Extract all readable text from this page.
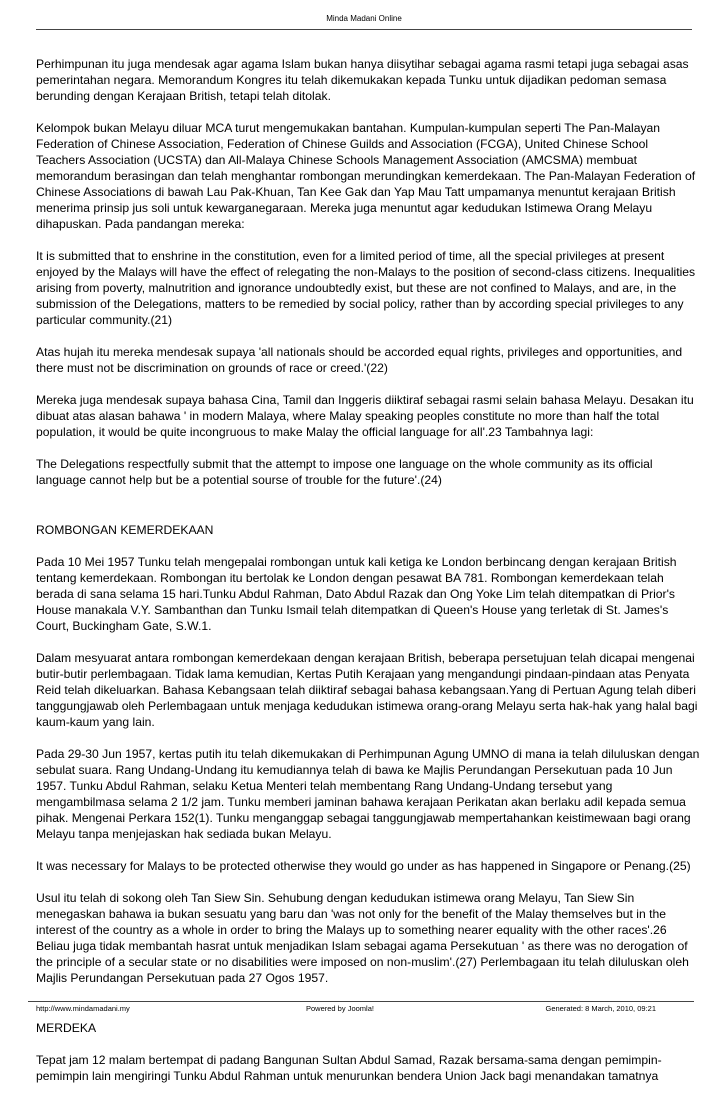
Minda Madani Online

Perhimpunan itu juga mendesak agar agama Islam bukan hanya diisytihar sebagai agama rasmi tetapi juga sebagai asas pemerintahan negara. Memorandum Kongres itu telah dikemukakan kepada Tunku untuk dijadikan pedoman semasa berunding dengan Kerajaan British, tetapi telah ditolak.

Kelompok bukan Melayu diluar MCA turut mengemukakan bantahan. Kumpulan-kumpulan seperti The Pan-Malayan Federation of Chinese Association, Federation of Chinese Guilds and Association (FCGA), United Chinese School Teachers Association (UCSTA) dan All-Malaya Chinese Schools Management Association (AMCSMA) membuat memorandum berasingan dan telah menghantar rombongan merundingkan kemerdekaan. The Pan-Malayan Federation of Chinese Associations di bawah Lau Pak-Khuan, Tan Kee Gak dan Yap Mau Tatt umpamanya menuntut kerajaan British menerima prinsip jus soli untuk kewarganegaraan. Mereka juga menuntut agar kedudukan Istimewa Orang Melayu dihapuskan. Pada pandangan mereka:

It is submitted that to enshrine in the constitution, even for a limited period of time, all the special privileges at present enjoyed by the Malays will have the effect of relegating the non-Malays to the position of second-class citizens. Inequalities arising from poverty, malnutrition and ignorance undoubtedly exist, but these are not confined to Malays, and are, in the submission of the Delegations, matters to be remedied by social policy, rather than by according special privileges to any particular community.(21)

Atas hujah itu mereka mendesak supaya 'all nationals should be accorded equal rights, privileges and opportunities, and there must not be discrimination on grounds of race or creed.'(22)

Mereka juga mendesak supaya bahasa Cina, Tamil dan Inggeris diiktiraf sebagai rasmi selain bahasa Melayu. Desakan itu dibuat atas alasan bahawa ' in modern Malaya, where Malay speaking peoples constitute no more than half the total population, it would be quite incongruous to make Malay the official language for all'.23 Tambahnya lagi:

The Delegations respectfully submit that the attempt to impose one language on the whole community as its official language cannot help but be a potential sourse of trouble for the future'.(24)

ROMBONGAN KEMERDEKAAN

Pada 10 Mei 1957 Tunku telah mengepalai rombongan untuk kali ketiga ke London berbincang dengan kerajaan British tentang kemerdekaan. Rombongan itu bertolak ke London dengan pesawat BA 781. Rombongan kemerdekaan telah berada di sana selama 15 hari.Tunku Abdul Rahman, Dato Abdul Razak dan Ong Yoke Lim telah ditempatkan di Prior's House manakala V.Y. Sambanthan dan Tunku Ismail telah ditempatkan di Queen's House yang terletak di St. James's Court, Buckingham Gate, S.W.1.

Dalam mesyuarat antara rombongan kemerdekaan dengan kerajaan British, beberapa persetujuan telah dicapai mengenai butir-butir perlembagaan. Tidak lama kemudian, Kertas Putih Kerajaan yang mengandungi pindaan-pindaan atas Penyata Reid telah dikeluarkan. Bahasa Kebangsaan telah diiktiraf sebagai bahasa kebangsaan.Yang di Pertuan Agung telah diberi tanggungjawab oleh Perlembagaan untuk menjaga kedudukan istimewa orang-orang Melayu serta hak-hak yang halal bagi kaum-kaum yang lain.

Pada 29-30 Jun 1957, kertas putih itu telah dikemukakan di Perhimpunan Agung UMNO di mana ia telah diluluskan dengan sebulat suara. Rang Undang-Undang itu kemudiannya telah di bawa ke Majlis Perundangan Persekutuan pada 10 Jun 1957. Tunku Abdul Rahman, selaku Ketua Menteri telah membentang Rang Undang-Undang tersebut yang mengambilmasa selama 2 1/2 jam. Tunku memberi jaminan bahawa kerajaan Perikatan akan berlaku adil kepada semua pihak. Mengenai Perkara 152(1). Tunku menganggap sebagai tanggungjawab mempertahankan keistimewaan bagi orang Melayu tanpa menjejaskan hak sediada bukan Melayu.

It was necessary for Malays to be protected otherwise they would go under as has happened in Singapore or Penang.(25)

Usul itu telah di sokong oleh Tan Siew Sin. Sehubung dengan kedudukan istimewa orang Melayu, Tan Siew Sin menegaskan bahawa ia bukan sesuatu yang baru dan 'was not only for the benefit of the Malay themselves but in the interest of the country as a whole in order to bring the Malays up to something nearer equality with the other races'.26 Beliau juga tidak membantah hasrat untuk menjadikan Islam sebagai agama Persekutuan ' as there was no derogation of the principle of a secular state or no disabilities were imposed on non-muslim'.(27) Perlembagaan itu telah diluluskan oleh Majlis Perundangan Persekutuan pada 27 Ogos 1957.

MERDEKA

Tepat jam 12 malam bertempat di padang Bangunan Sultan Abdul Samad, Razak bersama-sama dengan pemimpin-pemimpin lain mengiringi Tunku Abdul Rahman untuk menurunkan bendera Union Jack bagi menandakan tamatnya

http://www.mindamadani.my	Powered by Joomla!	Generated: 8 March, 2010, 09:21
